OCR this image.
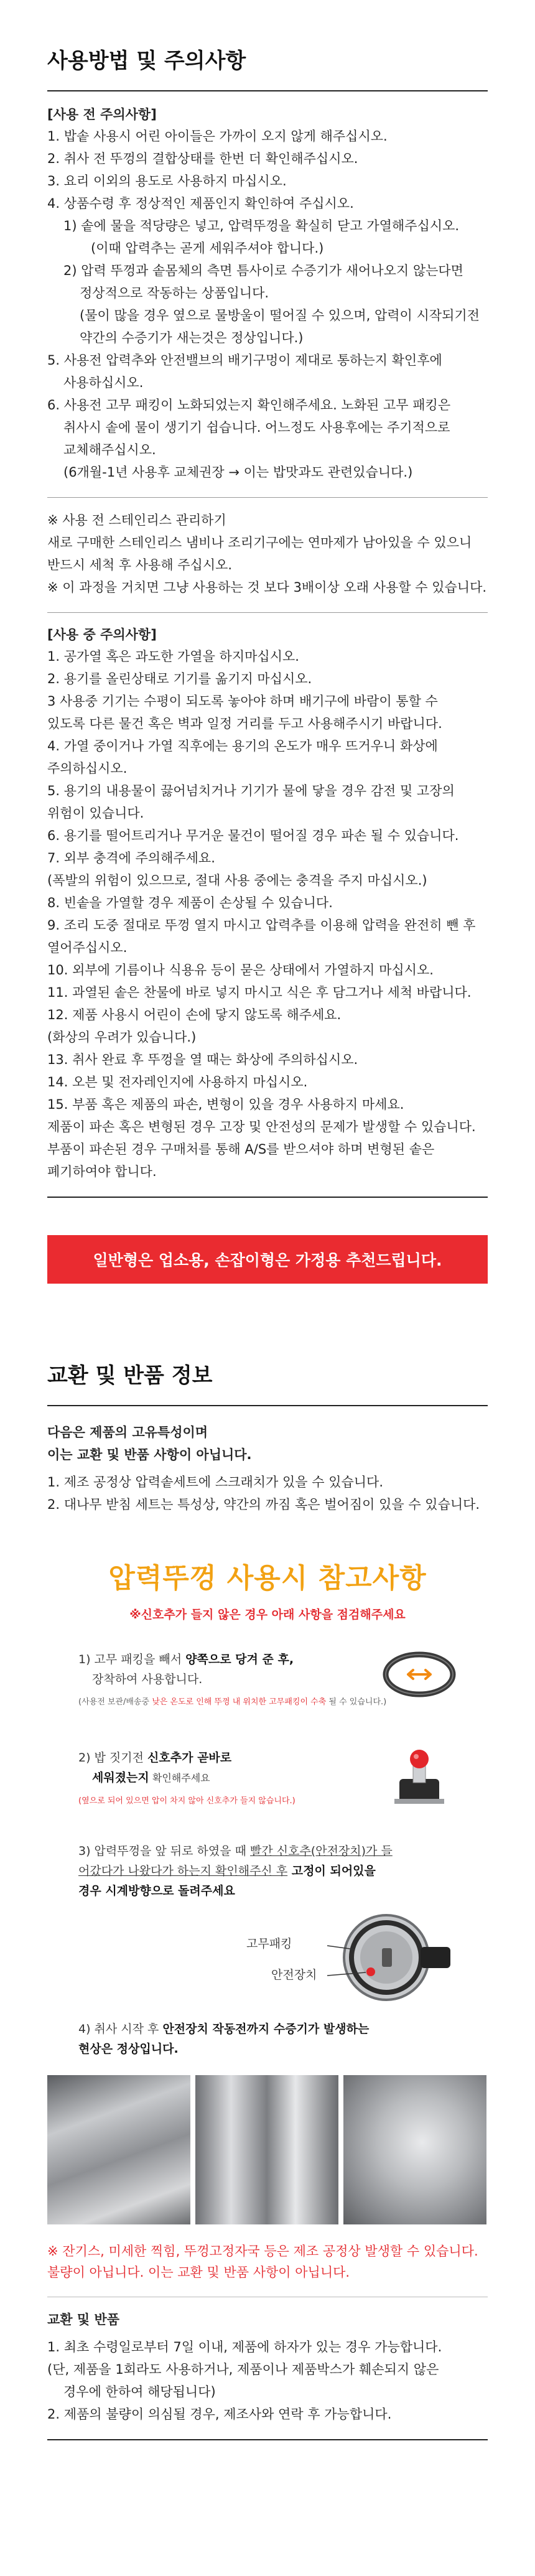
사용방법 및 주의사항
[사용 전 주의사항]
1. 밥솥 사용시 어린 아이들은 가까이 오지 않게 해주십시오.
2. 취사 전 뚜껑의 결합상태를 한번 더 확인해주십시오.
3. 요리 이외의 용도로 사용하지 마십시오.
4. 상품수령 후 정상적인 제품인지 확인하여 주십시오.
1) 솥에 물을 적당량은 넣고, 압력뚜껑을 확실히 닫고 가열해주십시오.
(이때 압력추는 곧게 세워주셔야 합니다.)
2) 압력 뚜껑과 솥몸체의 측면 틈사이로 수증기가 새어나오지 않는다면
정상적으로 작동하는 상품입니다.
(물이 많을 경우 옆으로 물방울이 떨어질 수 있으며, 압력이 시작되기전
약간의 수증기가 새는것은 정상입니다.)
5. 사용전 압력추와 안전밸브의 배기구멍이 제대로 통하는지 확인후에
사용하십시오.
6. 사용전 고무 패킹이 노화되었는지 확인해주세요. 노화된 고무 패킹은
취사시 솥에 물이 생기기 쉽습니다. 어느정도 사용후에는 주기적으로
교체해주십시오.
(6개월-1년 사용후 교체권장 → 이는 밥맛과도 관련있습니다.)
※ 사용 전 스테인리스 관리하기
새로 구매한 스테인리스 냄비나 조리기구에는 연마제가 남아있을 수 있으니
반드시 세척 후 사용해 주십시오.
※ 이 과정을 거치면 그냥 사용하는 것 보다 3배이상 오래 사용할 수 있습니다.
[사용 중 주의사항]
1. 공가열 혹은 과도한 가열을 하지마십시오.
2. 용기를 올린상태로 기기를 옮기지 마십시오.
3 사용중 기기는 수평이 되도록 놓아야 하며 배기구에 바람이 통할 수
있도록 다른 물건 혹은 벽과 일정 거리를 두고 사용해주시기 바랍니다.
4. 가열 중이거나 가열 직후에는 용기의 온도가 매우 뜨거우니 화상에
주의하십시오.
5. 용기의 내용물이 끓어넘치거나 기기가 물에 닿을 경우 감전 및 고장의
위험이 있습니다.
6. 용기를 떨어트리거나 무거운 물건이 떨어질 경우 파손 될 수 있습니다.
7. 외부 충격에 주의해주세요.
(폭발의 위험이 있으므로, 절대 사용 중에는 충격을 주지 마십시오.)
8. 빈솥을 가열할 경우 제품이 손상될 수 있습니다.
9. 조리 도중 절대로 뚜껑 열지 마시고 압력추를 이용해 압력을 완전히 뺀 후
열어주십시오.
10. 외부에 기름이나 식용유 등이 묻은 상태에서 가열하지 마십시오.
11. 과열된 솥은 찬물에 바로 넣지 마시고 식은 후 담그거나 세척 바랍니다.
12. 제품 사용시 어린이 손에 닿지 않도록 해주세요.
(화상의 우려가 있습니다.)
13. 취사 완료 후 뚜껑을 열 때는 화상에 주의하십시오.
14. 오븐 및 전자레인지에 사용하지 마십시오.
15. 부품 혹은 제품의 파손, 변형이 있을 경우 사용하지 마세요.
제품이 파손 혹은 변형된 경우 고장 및 안전성의 문제가 발생할 수 있습니다.
부품이 파손된 경우 구매처를 통해 A/S를 받으셔야 하며 변형된 솥은
폐기하여야 합니다.
일반형은 업소용, 손잡이형은 가정용 추천드립니다.
교환 및 반품 정보
다음은 제품의 고유특성이며
이는 교환 및 반품 사항이 아닙니다.
1. 제조 공정상 압력솥세트에 스크래치가 있을 수 있습니다.
2. 대나무 받침 세트는 특성상, 약간의 까짐 혹은 벌어짐이 있을 수 있습니다.
압력뚜껑 사용시 참고사항
※신호추가 들지 않은 경우 아래 사항을 점검해주세요
1) 고무 패킹을 빼서 양쪽으로 당겨 준 후,
장착하여 사용합니다.
(사용전 보관/배송중 낮은 온도로 인해 뚜껑 내 위치한 고무패킹이 수축 될 수 있습니다.)
2) 밥 짓기전 신호추가 곧바로
세워졌는지 확인해주세요
(옆으로 되어 있으면 압이 차지 않아 신호추가 들지 않습니다.)
3) 압력뚜껑을 앞 뒤로 하였을 때 빨간 신호추(안전장치)가 들
어갔다가 나왔다가 하는지 확인해주신 후 고정이 되어있을
경우 시계방향으로 돌려주세요
고무패킹
안전장치
4) 취사 시작 후 안전장치 작동전까지 수증기가 발생하는
현상은 정상입니다.
※ 잔기스, 미세한 찍힘, 뚜껑고정자국 등은 제조 공정상 발생할 수 있습니다.
불량이 아닙니다. 이는 교환 및 반품 사항이 아닙니다.
교환 및 반품
1. 최초 수령일로부터 7일 이내, 제품에 하자가 있는 경우 가능합니다.
(단, 제품을 1회라도 사용하거나, 제품이나 제품박스가 훼손되지 않은
경우에 한하여 해당됩니다)
2. 제품의 불량이 의심될 경우, 제조사와 연락 후 가능합니다.
